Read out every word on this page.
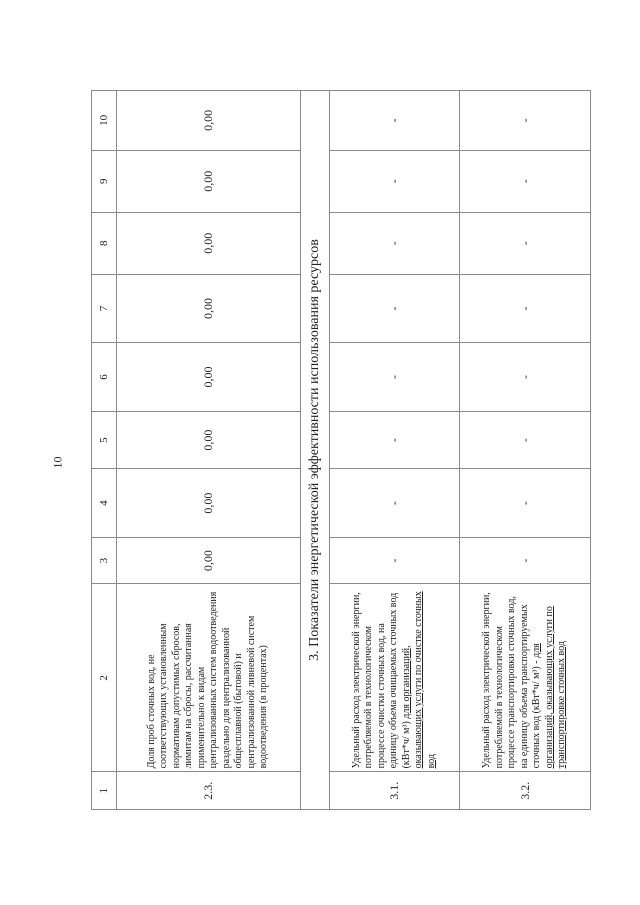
10
1	2	3	4	5	6	7	8	9	10
2.3.	Доля проб сточных вод, не соответствующих установленным нормативам допустимых сбросов, лимитам на сбросы, рассчитанная применительно к видам централизованных систем водоотведения раздельно для централизованной общесплавной (бытовой) и централизованной ливневой систем водоотведения (в процентах)	0,00	0,00	0,00	0,00	0,00	0,00	0,00	0,00
3. Показатели энергетической эффективности использования ресурсов									
3.1.	Удельный расход электрической энергии, потребляемой в технологическом процессе очистки сточных вод, на единицу объема очищаемых сточных вод (кВт*ч/ м³) для организаций, оказывающих услуги по очистке сточных вод	-	-	-	-	-	-	-	-
3.2.	Удельный расход электрической энергии, потребляемой в технологическом процессе транспортировки сточных вод, на единицу объема транспортируемых сточных вод (кВт*ч/ м³) - для организаций, оказывающих услуги по транспортировке сточных вод	-	-	-	-	-	-	-	-
